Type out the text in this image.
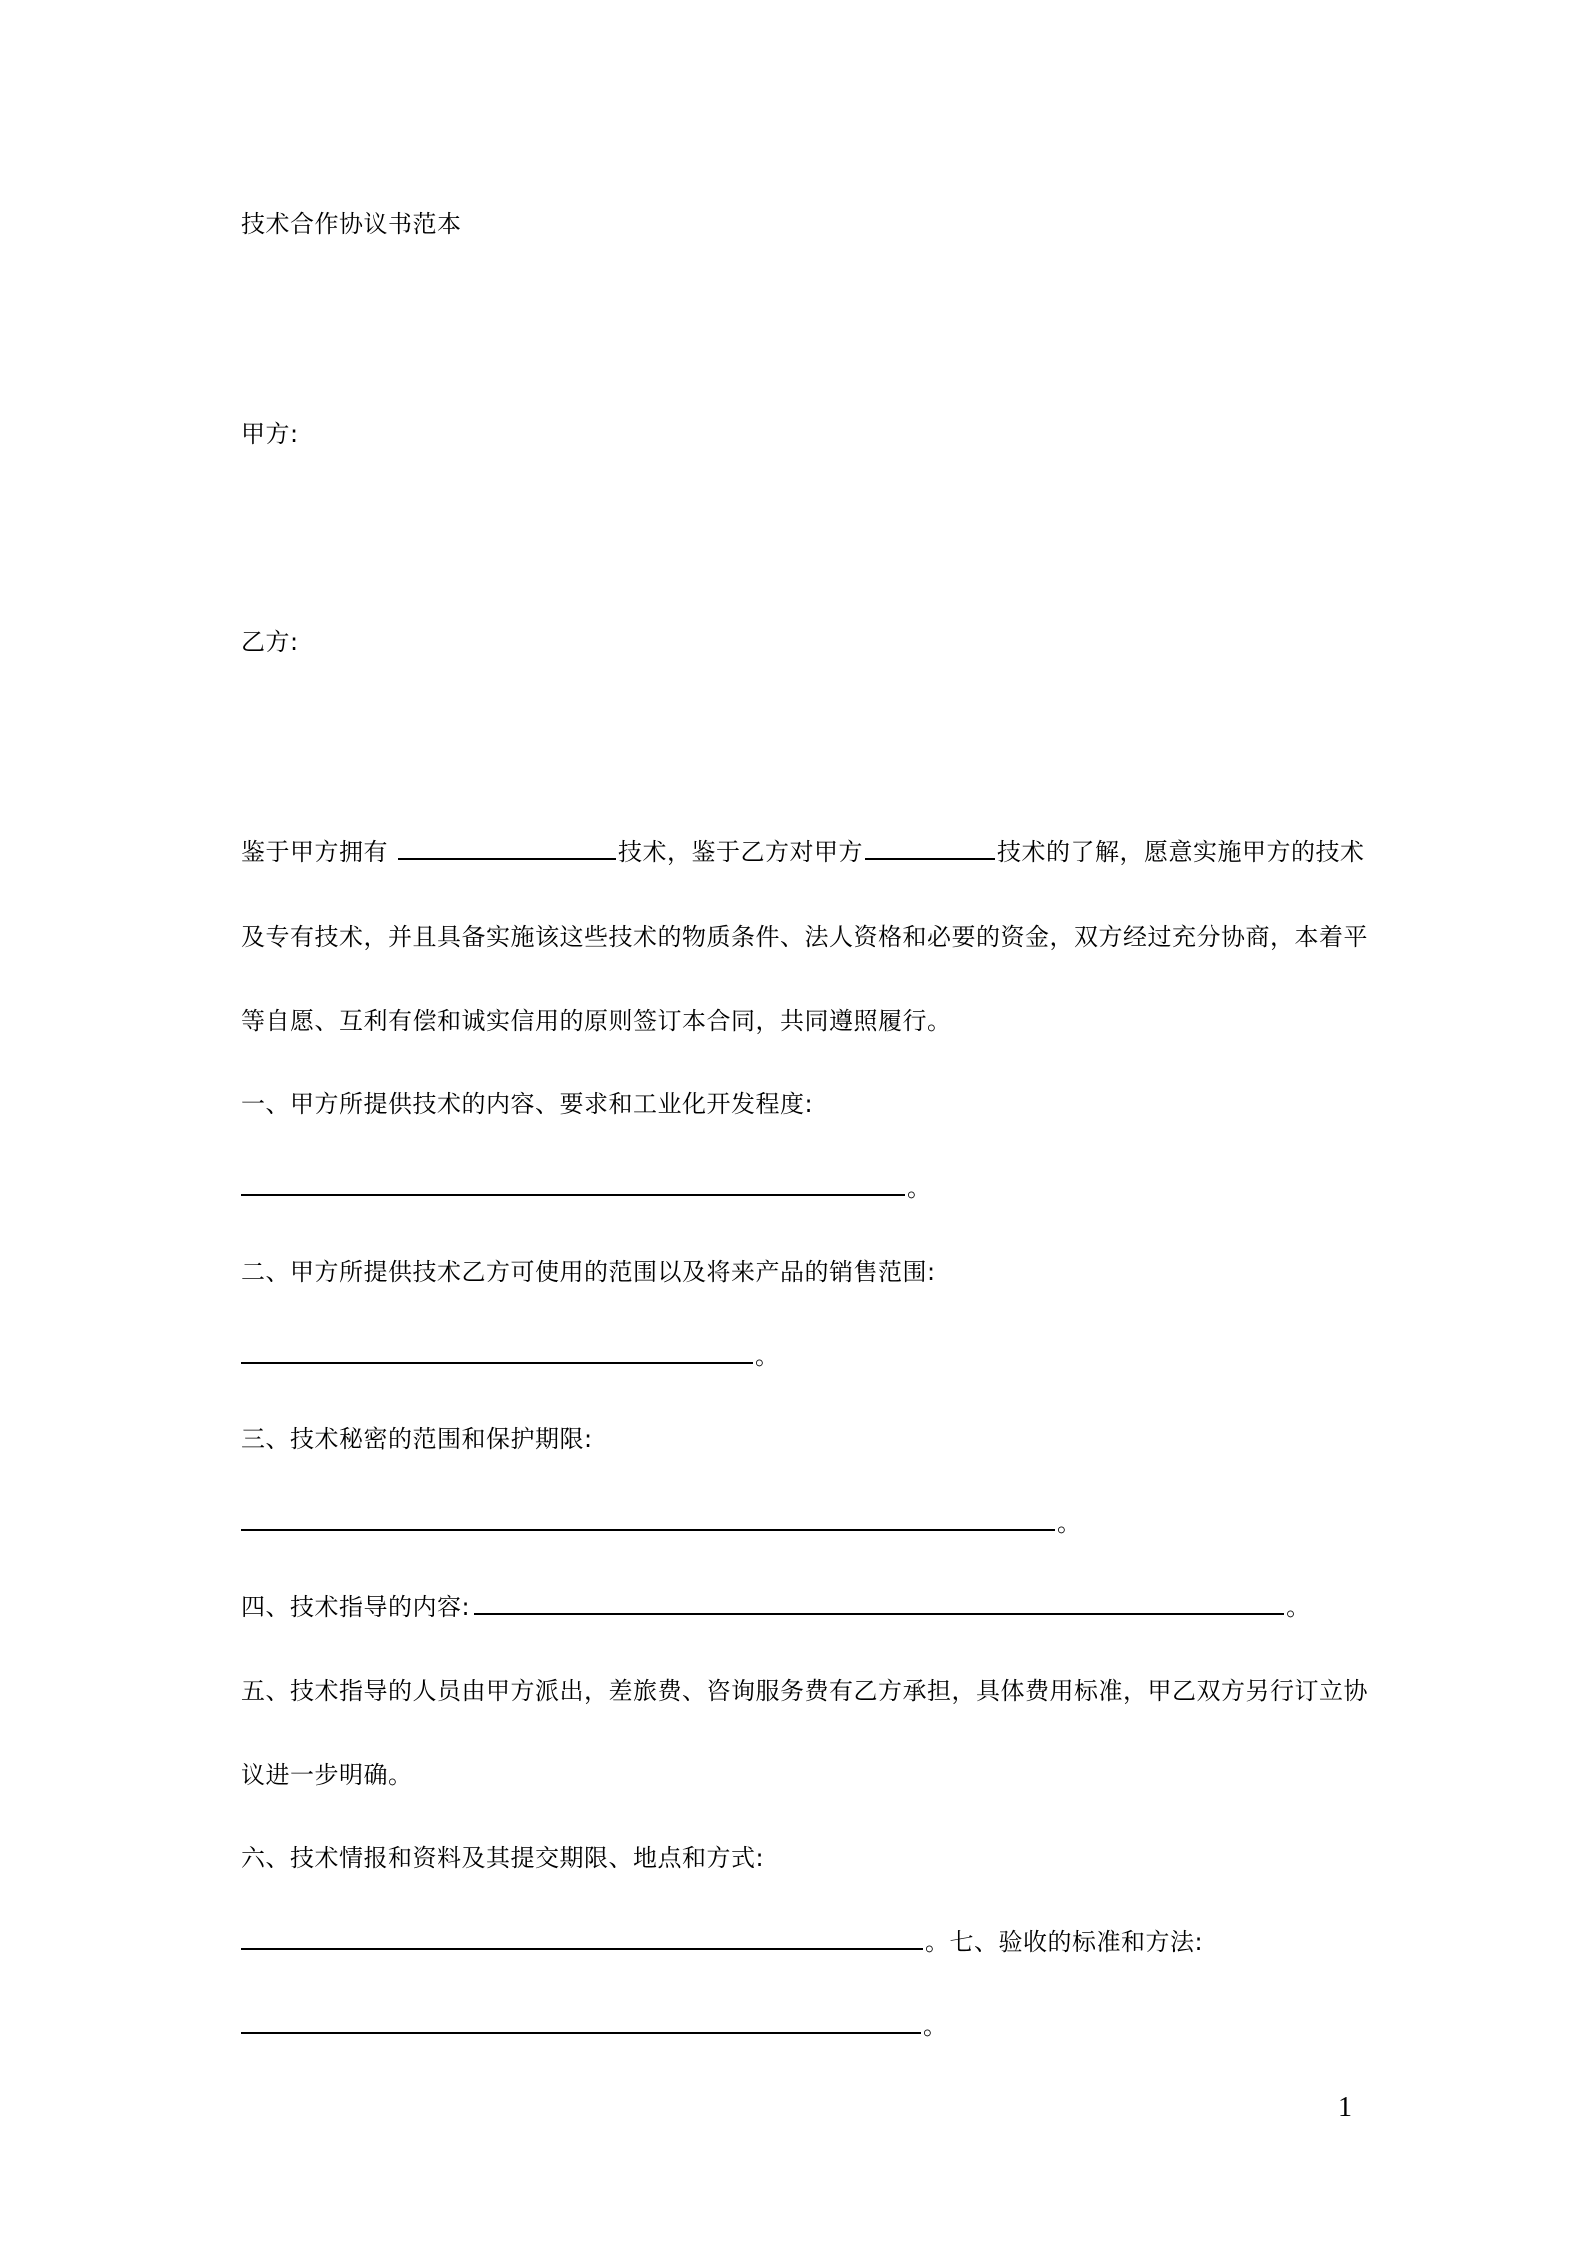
技术合作协议书范本
甲方:
乙方:
鉴于甲方拥有	技术，鉴于乙方对甲方	技术的了解，愿意实施甲方的技术
及专有技术，并且具备实施该这些技术的物质条件、法人资格和必要的资金，双方经过充分协商，本着平
等自愿、互利有偿和诚实信用的原则签订本合同，共同遵照履行。
一、甲方所提供技术的内容、要求和工业化开发程度:
。
二、甲方所提供技术乙方可使用的范围以及将来产品的销售范围:
。
三、技术秘密的范围和保护期限:
。
四、技术指导的内容:	。
五、技术指导的人员由甲方派出，差旅费、咨询服务费有乙方承担，具体费用标准，甲乙双方另行订立协
议进一步明确。
六、技术情报和资料及其提交期限、地点和方式:
。七、验收的标准和方法:
。
1
